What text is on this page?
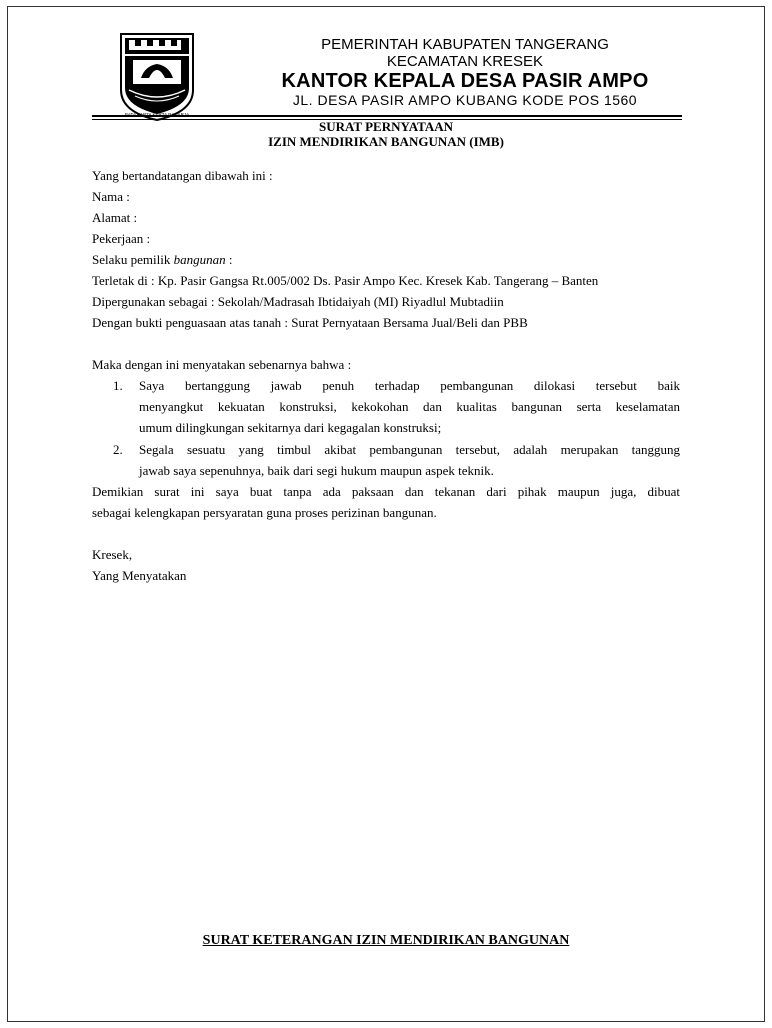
PEMERINTAH KABUPATEN TANGERANG
KECAMATAN KRESEK
KANTOR KEPALA DESA PASIR AMPO
JL. DESA PASIR AMPO KUBANG KODE POS 1560
SURAT PERNYATAAN
IZIN MENDIRIKAN BANGUNAN (IMB)
Yang bertandatangan dibawah ini :
Nama :
Alamat :
Pekerjaan :
Selaku pemilik bangunan :
Terletak di : Kp. Pasir Gangsa Rt.005/002 Ds. Pasir Ampo Kec. Kresek Kab. Tangerang – Banten
Dipergunakan sebagai : Sekolah/Madrasah Ibtidaiyah (MI) Riyadlul Mubtadiin
Dengan bukti penguasaan atas tanah : Surat Pernyataan Bersama Jual/Beli dan PBB
Maka dengan ini menyatakan sebenarnya bahwa :
1. Saya bertanggung jawab penuh terhadap pembangunan dilokasi tersebut baik
menyangkut kekuatan konstruksi, kekokohan dan kualitas bangunan serta keselamatan
umum dilingkungan sekitarnya dari kegagalan konstruksi;
2. Segala sesuatu yang timbul akibat pembangunan tersebut, adalah merupakan tanggung
jawab saya sepenuhnya, baik dari segi hukum maupun aspek teknik.
Demikian surat ini saya buat tanpa ada paksaan dan tekanan dari pihak maupun juga, dibuat
sebagai kelengkapan persyaratan guna proses perizinan bangunan.
Kresek,
Yang Menyatakan
SURAT KETERANGAN IZIN MENDIRIKAN BANGUNAN
